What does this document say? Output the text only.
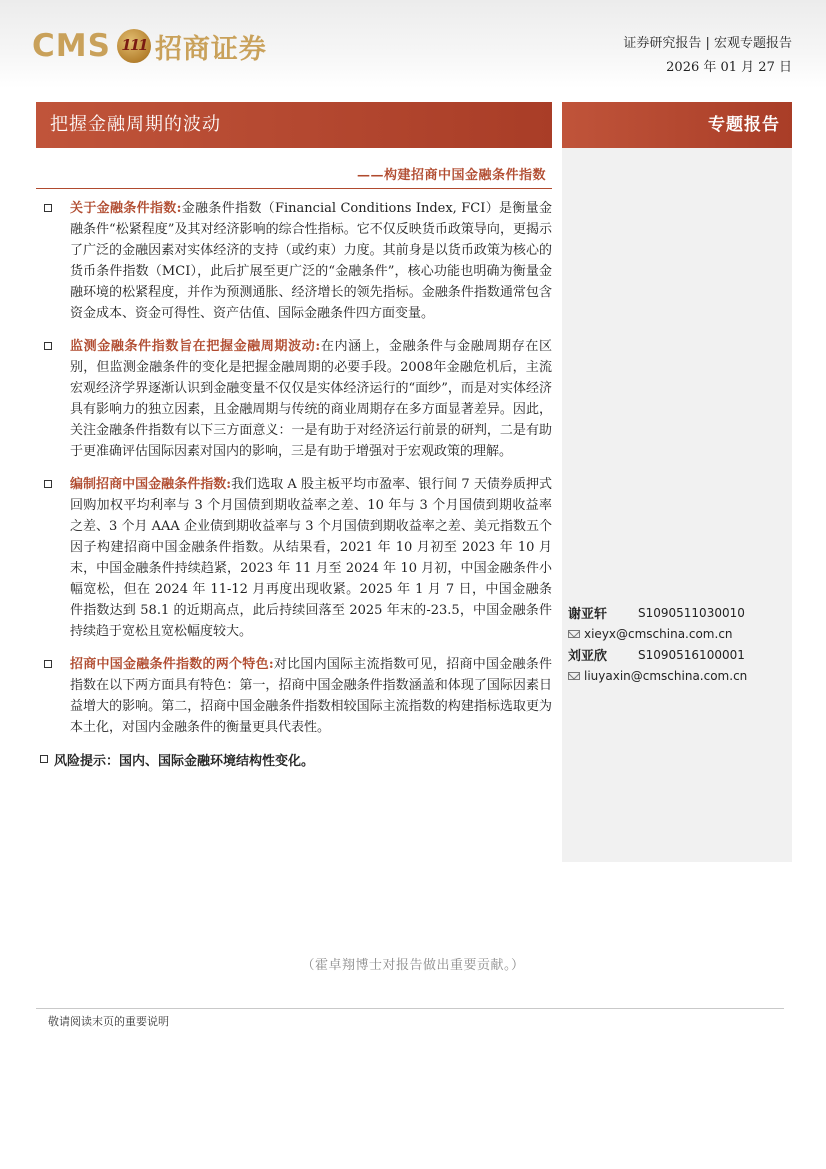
CMS
111 招商证券	证券研究报告 | 宏观专题报告
2026 年 01 月 27 日
把握金融周期的波动	专题报告
——构建招商中国金融条件指数

关于金融条件指数:金融条件指数（Financial Conditions Index, FCI）是衡量金融条件“松紧程度”及其对经济影响的综合性指标。它不仅反映货币政策导向，更揭示了广泛的金融因素对实体经济的支持（或约束）力度。其前身是以货币政策为核心的货币条件指数（MCI），此后扩展至更广泛的“金融条件”，核心功能也明确为衡量金融环境的松紧程度，并作为预测通胀、经济增长的领先指标。金融条件指数通常包含资金成本、资金可得性、资产估值、国际金融条件四方面变量。

监测金融条件指数旨在把握金融周期波动:在内涵上，金融条件与金融周期存在区别，但监测金融条件的变化是把握金融周期的必要手段。2008年金融危机后，主流宏观经济学界逐渐认识到金融变量不仅仅是实体经济运行的“面纱”，而是对实体经济具有影响力的独立因素，且金融周期与传统的商业周期存在多方面显著差异。因此，关注金融条件指数有以下三方面意义：一是有助于对经济运行前景的研判，二是有助于更准确评估国际因素对国内的影响，三是有助于增强对于宏观政策的理解。

编制招商中国金融条件指数:我们选取 A 股主板平均市盈率、银行间 7 天债券质押式回购加权平均利率与 3 个月国债到期收益率之差、10 年与 3 个月国债到期收益率之差、3 个月 AAA 企业债到期收益率与 3 个月国债到期收益率之差、美元指数五个因子构建招商中国金融条件指数。从结果看，2021 年 10 月初至 2023 年 10 月末，中国金融条件持续趋紧，2023 年 11 月至 2024 年 10 月初，中国金融条件小幅宽松，但在 2024 年 11-12 月再度出现收紧。2025 年 1 月 7 日，中国金融条件指数达到 58.1 的近期高点，此后持续回落至 2025 年末的-23.5，中国金融条件持续趋于宽松且宽松幅度较大。

招商中国金融条件指数的两个特色:对比国内国际主流指数可见，招商中国金融条件指数在以下两方面具有特色：第一，招商中国金融条件指数涵盖和体现了国际因素日益增大的影响。第二，招商中国金融条件指数相较国际主流指数的构建指标选取更为本土化，对国内金融条件的衡量更具代表性。

风险提示：国内、国际金融环境结构性变化。
谢亚轩	S1090511030010
xieyx@cmschina.com.cn
刘亚欣	S1090516100001
liuyaxin@cmschina.com.cn
（霍卓翔博士对报告做出重要贡献。）
敬请阅读末页的重要说明
